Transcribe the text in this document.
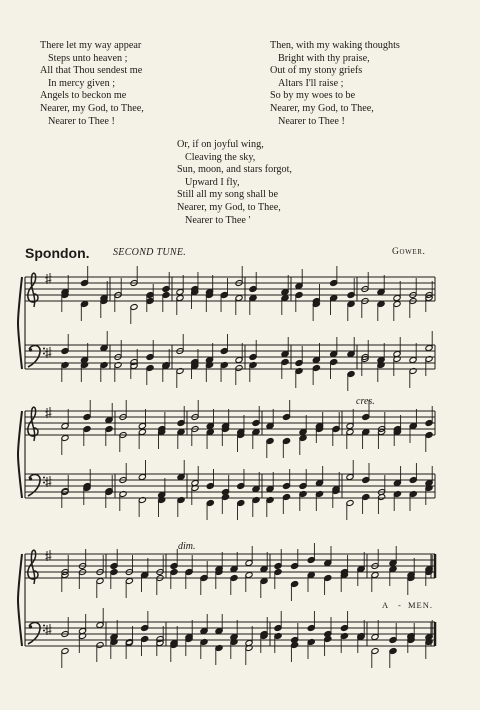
There let my way appear
Steps unto heaven ;
All that Thou sendest me
In mercy given ;
Angels to beckon me
Nearer, my God, to Thee,
Nearer to Thee !
Then, with my waking thoughts
Bright with thy praise,
Out of my stony griefs
Altars I'll raise ;
So by my woes to be
Nearer, my God, to Thee,
Nearer to Thee !
Or, if on joyful wing,
Cleaving the sky,
Sun, moon, and stars forgot,
Upward I fly,
Still all my song shall be
Nearer, my God, to Thee,
Nearer to Thee '
Spondon. SECOND TUNE.	Gower.
cres.
dim.
A - MEN.
